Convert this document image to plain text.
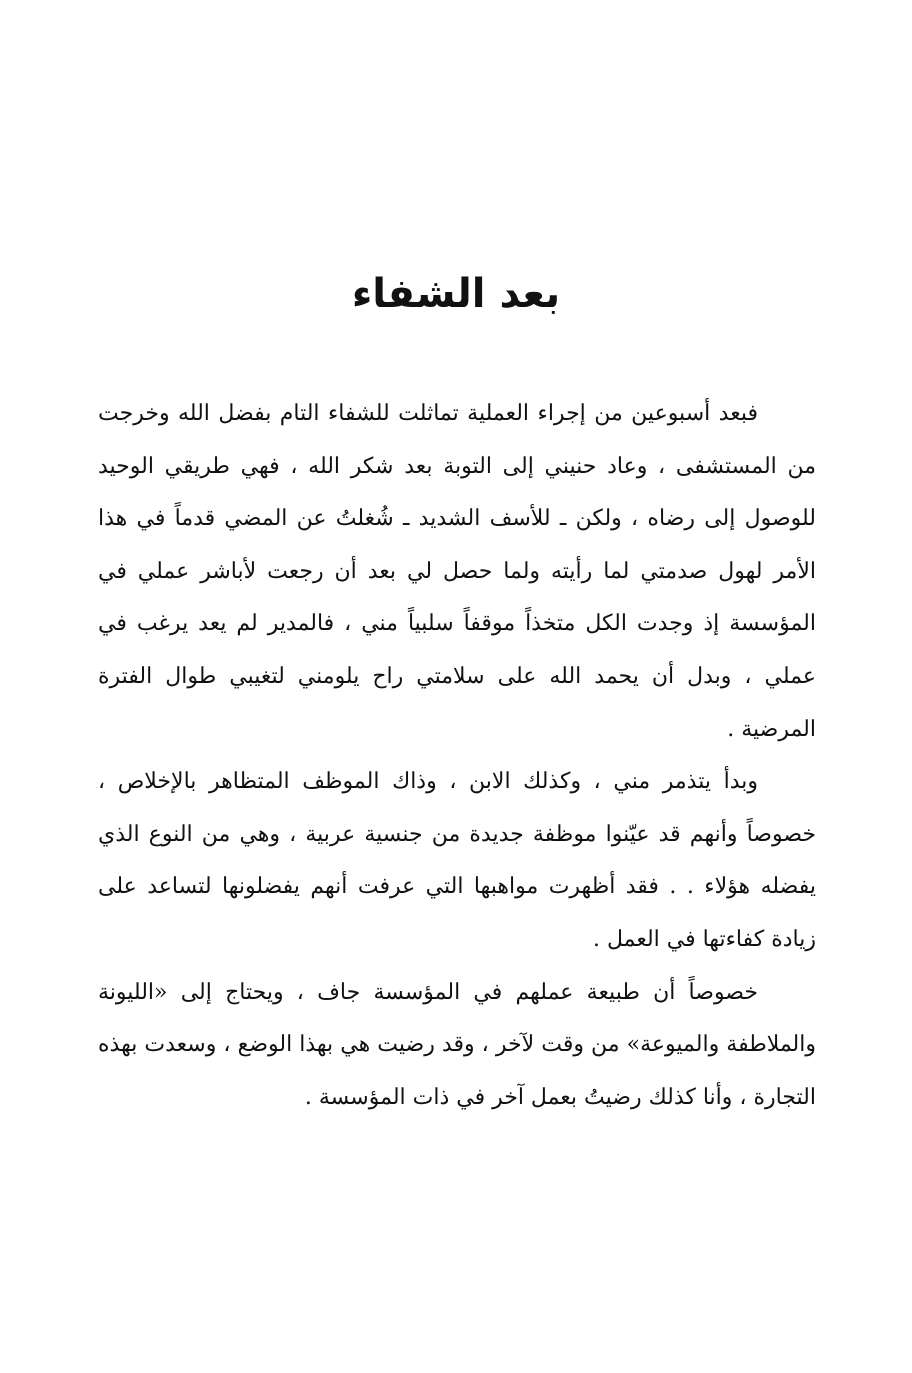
بعد الشفاء

فبعد أسبوعين من إجراء العملية تماثلت للشفاء التام بفضل الله وخرجت من المستشفى ، وعاد حنيني إلى التوبة بعد شكر الله ، فهي طريقي الوحيد للوصول إلى رضاه ، ولكن ـ للأسف الشديد ـ شُغلتُ عن المضي قدماً في هذا الأمر لهول صدمتي لما رأيته ولما حصل لي بعد أن رجعت لأباشر عملي في المؤسسة إذ وجدت الكل متخذاً موقفاً سلبياً مني ، فالمدير لم يعد يرغب في عملي ، وبدل أن يحمد الله على سلامتي راح يلومني لتغيبي طوال الفترة المرضية .

وبدأ يتذمر مني ، وكذلك الابن ، وذاك الموظف المتظاهر بالإخلاص ، خصوصاً وأنهم قد عيّنوا موظفة جديدة من جنسية عربية ، وهي من النوع الذي يفضله هؤلاء . . فقد أظهرت مواهبها التي عرفت أنهم يفضلونها لتساعد على زيادة كفاءتها في العمل .

خصوصاً أن طبيعة عملهم في المؤسسة جاف ، ويحتاج إلى «الليونة والملاطفة والميوعة» من وقت لآخر ، وقد رضيت هي بهذا الوضع ، وسعدت بهذه التجارة ، وأنا كذلك رضيتُ بعمل آخر في ذات المؤسسة .
